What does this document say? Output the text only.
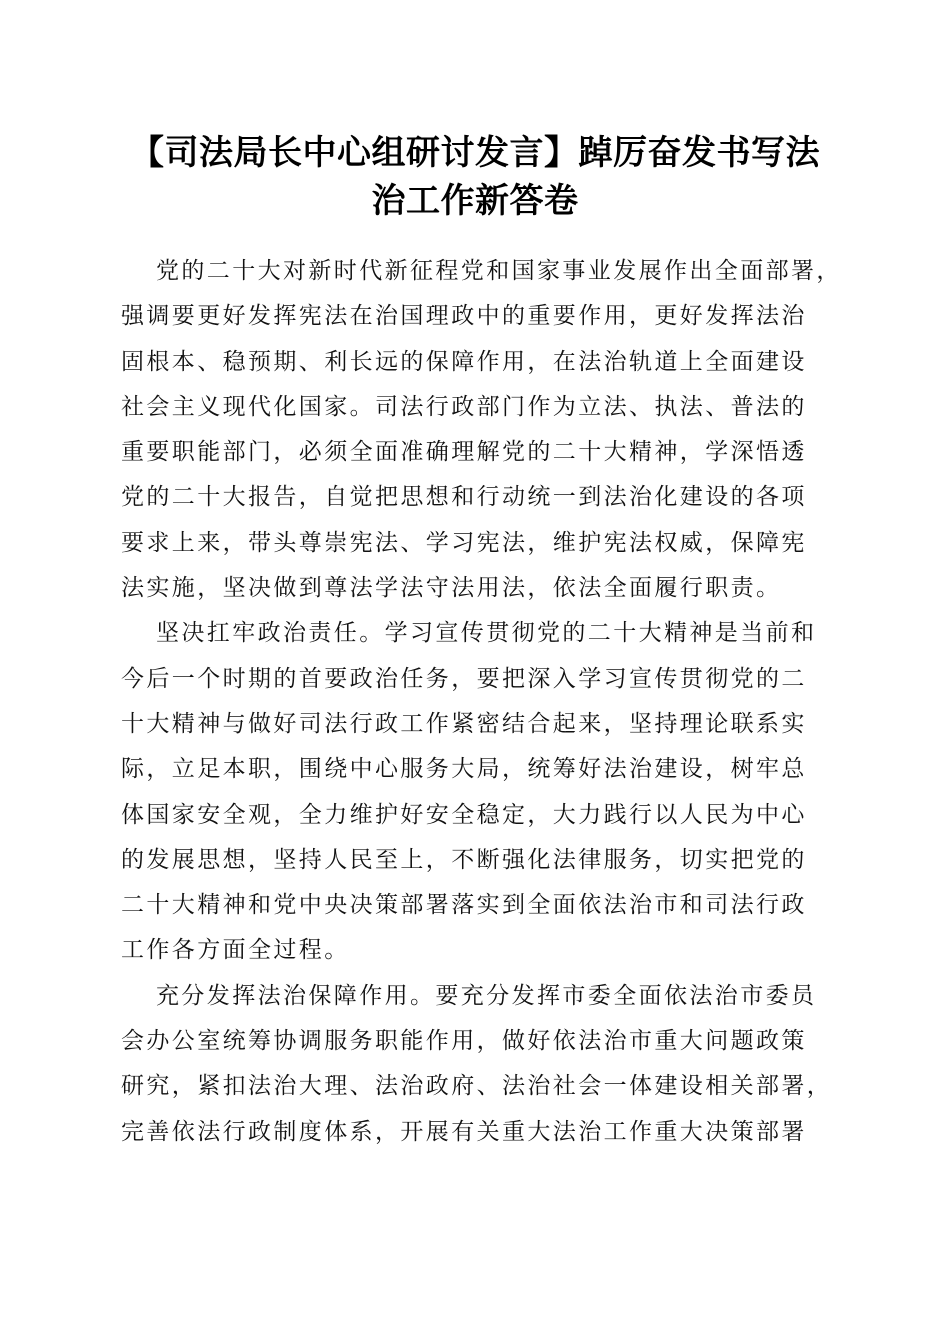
【司法局长中心组研讨发言】踔厉奋发书写法
治工作新答卷
党的二十大对新时代新征程党和国家事业发展作出全面部署，
强调要更好发挥宪法在治国理政中的重要作用，更好发挥法治
固根本、稳预期、利长远的保障作用，在法治轨道上全面建设
社会主义现代化国家。司法行政部门作为立法、执法、普法的
重要职能部门，必须全面准确理解党的二十大精神，学深悟透
党的二十大报告，自觉把思想和行动统一到法治化建设的各项
要求上来，带头尊崇宪法、学习宪法，维护宪法权威，保障宪
法实施，坚决做到尊法学法守法用法，依法全面履行职责。
坚决扛牢政治责任。学习宣传贯彻党的二十大精神是当前和
今后一个时期的首要政治任务，要把深入学习宣传贯彻党的二
十大精神与做好司法行政工作紧密结合起来，坚持理论联系实
际，立足本职，围绕中心服务大局，统筹好法治建设，树牢总
体国家安全观，全力维护好安全稳定，大力践行以人民为中心
的发展思想，坚持人民至上，不断强化法律服务，切实把党的
二十大精神和党中央决策部署落实到全面依法治市和司法行政
工作各方面全过程。
充分发挥法治保障作用。要充分发挥市委全面依法治市委员
会办公室统筹协调服务职能作用，做好依法治市重大问题政策
研究，紧扣法治大理、法治政府、法治社会一体建设相关部署，
完善依法行政制度体系，开展有关重大法治工作重大决策部署
